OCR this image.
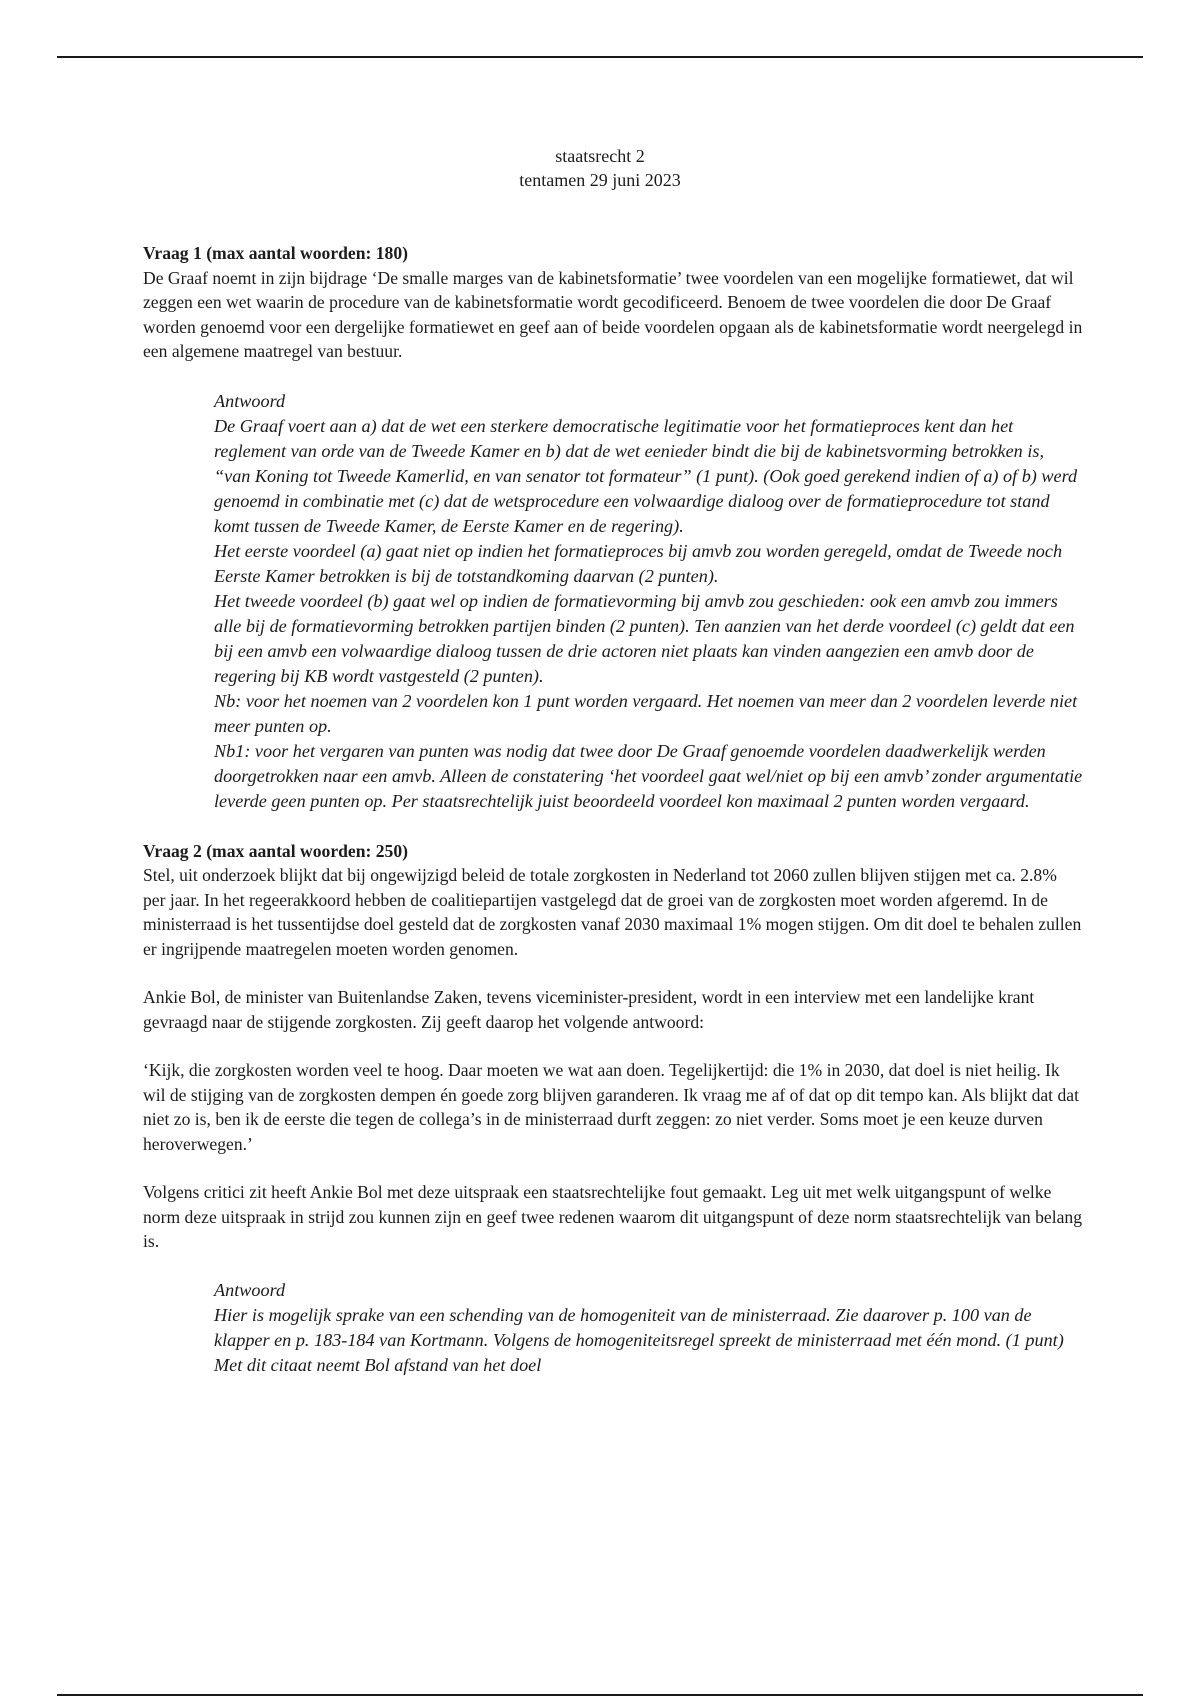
staatsrecht 2
tentamen 29 juni 2023

Vraag 1 (max aantal woorden: 180)

De Graaf noemt in zijn bijdrage ‘De smalle marges van de kabinetsformatie’ twee voordelen van een mogelijke formatiewet, dat wil zeggen een wet waarin de procedure van de kabinetsformatie wordt gecodificeerd. Benoem de twee voordelen die door De Graaf worden genoemd voor een dergelijke formatiewet en geef aan of beide voordelen opgaan als de kabinetsformatie wordt neergelegd in een algemene maatregel van bestuur.

Antwoord

De Graaf voert aan a) dat de wet een sterkere democratische legitimatie voor het formatieproces kent dan het reglement van orde van de Tweede Kamer en b) dat de wet eenieder bindt die bij de kabinetsvorming betrokken is, “van Koning tot Tweede Kamerlid, en van senator tot formateur” (1 punt). (Ook goed gerekend indien of a) of b) werd genoemd in combinatie met (c) dat de wetsprocedure een volwaardige dialoog over de formatieprocedure tot stand komt tussen de Tweede Kamer, de Eerste Kamer en de regering).

Het eerste voordeel (a) gaat niet op indien het formatieproces bij amvb zou worden geregeld, omdat de Tweede noch Eerste Kamer betrokken is bij de totstandkoming daarvan (2 punten).

Het tweede voordeel (b) gaat wel op indien de formatievorming bij amvb zou geschieden: ook een amvb zou immers alle bij de formatievorming betrokken partijen binden (2 punten). Ten aanzien van het derde voordeel (c) geldt dat een bij een amvb een volwaardige dialoog tussen de drie actoren niet plaats kan vinden aangezien een amvb door de regering bij KB wordt vastgesteld (2 punten).

Nb: voor het noemen van 2 voordelen kon 1 punt worden vergaard. Het noemen van meer dan 2 voordelen leverde niet meer punten op.

Nb1: voor het vergaren van punten was nodig dat twee door De Graaf genoemde voordelen daadwerkelijk werden doorgetrokken naar een amvb. Alleen de constatering ‘het voordeel gaat wel/niet op bij een amvb’ zonder argumentatie leverde geen punten op. Per staatsrechtelijk juist beoordeeld voordeel kon maximaal 2 punten worden vergaard.

Vraag 2 (max aantal woorden: 250)

Stel, uit onderzoek blijkt dat bij ongewijzigd beleid de totale zorgkosten in Nederland tot 2060 zullen blijven stijgen met ca. 2.8% per jaar. In het regeerakkoord hebben de coalitiepartijen vastgelegd dat de groei van de zorgkosten moet worden afgeremd. In de ministerraad is het tussentijdse doel gesteld dat de zorgkosten vanaf 2030 maximaal 1% mogen stijgen. Om dit doel te behalen zullen er ingrijpende maatregelen moeten worden genomen.

Ankie Bol, de minister van Buitenlandse Zaken, tevens viceminister-president, wordt in een interview met een landelijke krant gevraagd naar de stijgende zorgkosten. Zij geeft daarop het volgende antwoord:

‘Kijk, die zorgkosten worden veel te hoog. Daar moeten we wat aan doen. Tegelijkertijd: die 1% in 2030, dat doel is niet heilig. Ik wil de stijging van de zorgkosten dempen én goede zorg blijven garanderen. Ik vraag me af of dat op dit tempo kan. Als blijkt dat dat niet zo is, ben ik de eerste die tegen de collega’s in de ministerraad durft zeggen: zo niet verder. Soms moet je een keuze durven heroverwegen.’

Volgens critici zit heeft Ankie Bol met deze uitspraak een staatsrechtelijke fout gemaakt. Leg uit met welk uitgangspunt of welke norm deze uitspraak in strijd zou kunnen zijn en geef twee redenen waarom dit uitgangspunt of deze norm staatsrechtelijk van belang is.

Antwoord

Hier is mogelijk sprake van een schending van de homogeniteit van de ministerraad. Zie daarover p. 100 van de klapper en p. 183-184 van Kortmann. Volgens de homogeniteitsregel spreekt de ministerraad met één mond. (1 punt) Met dit citaat neemt Bol afstand van het doel
